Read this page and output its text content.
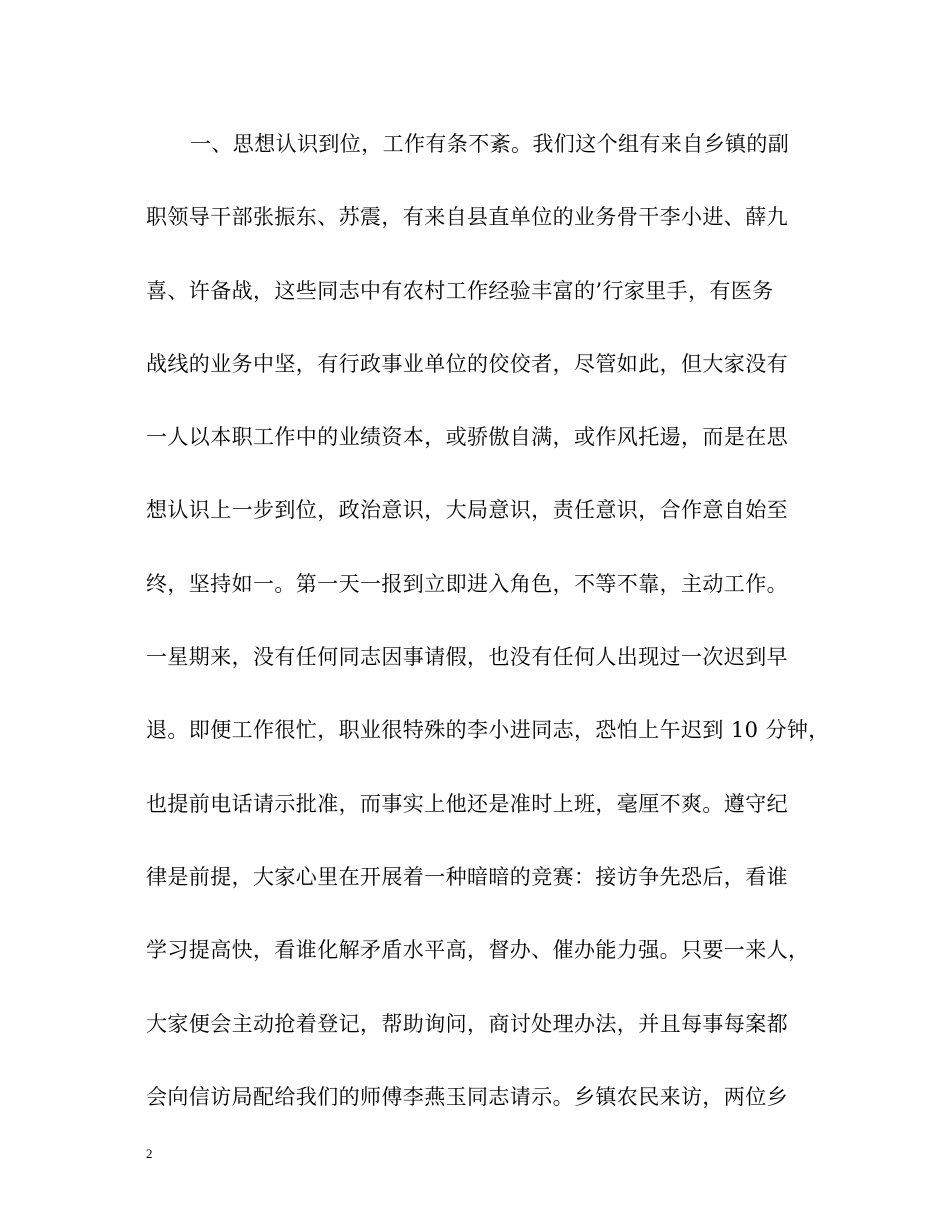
一、思想认识到位，工作有条不紊。我们这个组有来自乡镇的副
职领导干部张振东、苏震，有来自县直单位的业务骨干李小进、薛九
喜、许备战，这些同志中有农村工作经验丰富的’行家里手，有医务
战线的业务中坚，有行政事业单位的佼佼者，尽管如此，但大家没有
一人以本职工作中的业绩资本，或骄傲自满，或作风托逿，而是在思
想认识上一步到位，政治意识，大局意识，责任意识，合作意自始至
终，坚持如一。第一天一报到立即进入角色，不等不靠，主动工作。
一星期来，没有任何同志因事请假，也没有任何人出现过一次迟到早
退。即便工作很忙，职业很特殊的李小进同志，恐怕上午迟到 10 分钟，
也提前电话请示批准，而事实上他还是准时上班，毫厘不爽。遵守纪
律是前提，大家心里在开展着一种暗暗的竞赛：接访争先恐后，看谁
学习提高快，看谁化解矛盾水平高，督办、催办能力强。只要一来人，
大家便会主动抢着登记，帮助询问，商讨处理办法，并且每事每案都
会向信访局配给我们的师傅李燕玉同志请示。乡镇农民来访，两位乡
2
